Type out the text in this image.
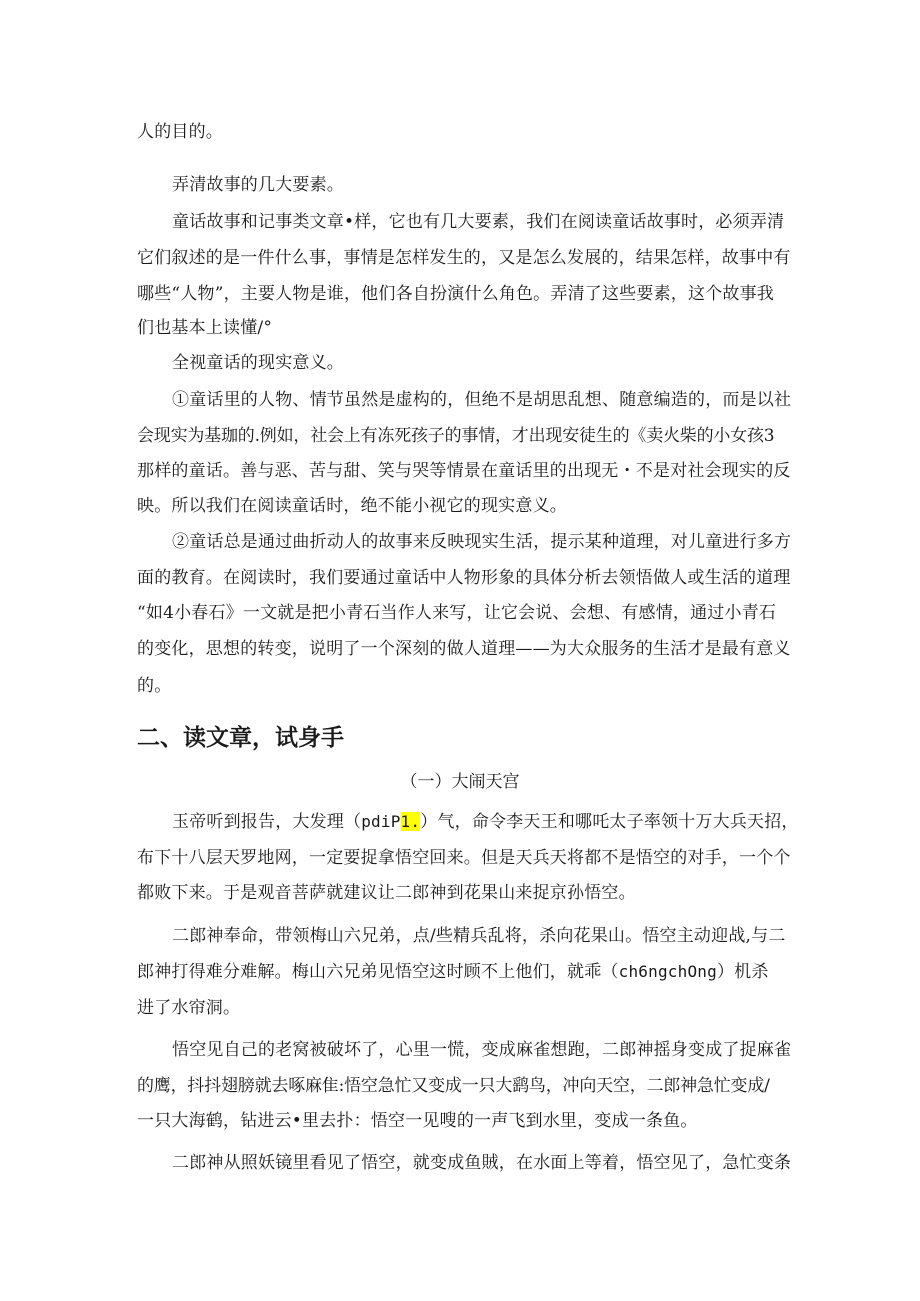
人的目的。
弄清故事的几大要素。
童话故事和记事类文章•样，它也有几大要素，我们在阅读童话故事时，必须弄清
它们叙述的是一件什么事，事情是怎样发生的，又是怎么发展的，结果怎样，故事中有
哪些“人物”，主要人物是谁，他们各自扮演什么角色。弄清了这些要素，这个故事我
们也基本上读懂/°
全视童话的现实意义。
①童话里的人物、情节虽然是虚构的，但绝不是胡思乱想、随意编造的，而是以社
会现实为基珈的.例如，社会上有冻死孩子的事情，才出现安徒生的《卖火柴的小女孩3
那样的童话。善与恶、苦与甜、笑与哭等情景在童话里的出现无・不是对社会现实的反
映。所以我们在阅读童话时，绝不能小视它的现实意义。
②童话总是通过曲折动人的故事来反映现实生活，提示某种道理，对儿童进行多方
面的教育。在阅读时，我们要通过童话中人物形象的具体分析去领悟做人或生活的道理
“如4小春石》一文就是把小青石当作人来写，让它会说、会想、有感情，通过小青石
的变化，思想的转变，说明了一个深刻的做人道理——为大众服务的生活才是最有意义
的。
二、读文章，试身手
（一）大闹天宫
玉帝听到报告，大发理（pdiP1.）气，命令李天王和哪吒太子率领十万大兵天招，
布下十八层天罗地网，一定要捉拿悟空回来。但是天兵天将都不是悟空的对手，一个个
都败下来。于是观音菩萨就建议让二郎神到花果山来捉京孙悟空。
二郎神奉命，带领梅山六兄弟，点/些精兵乱将，杀向花果山。悟空主动迎战,与二
郎神打得难分难解。梅山六兄弟见悟空这时顾不上他们，就乖（ch6ngchOng）机杀
进了水帘洞。
悟空见自己的老窝被破坏了，心里一慌，变成麻雀想跑，二郎神摇身变成了捉麻雀
的鹰，抖抖翅膀就去啄麻隹:悟空急忙又变成一只大鹞鸟，冲向天空，二郎神急忙变成/
一只大海鹤，钻进云•里去扑：悟空一见嗖的一声飞到水里，变成一条鱼。
二郎神从照妖镜里看见了悟空，就变成鱼賊，在水面上等着，悟空见了，急忙变条
